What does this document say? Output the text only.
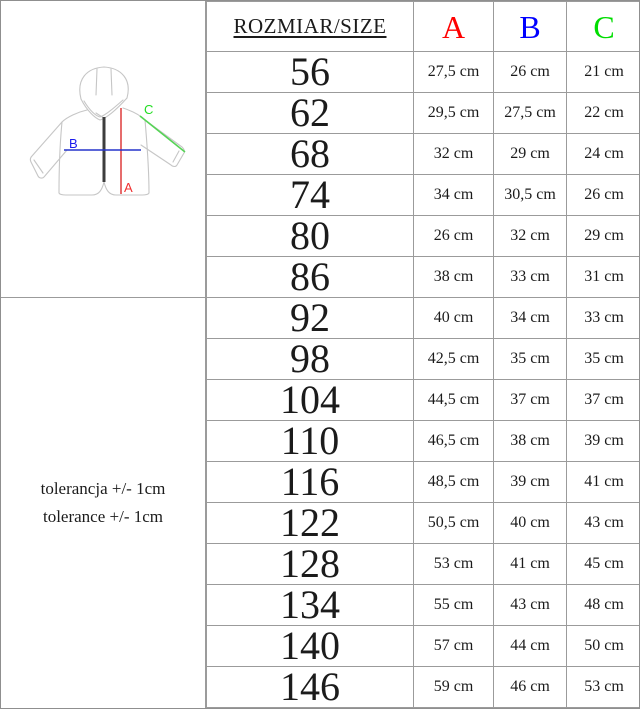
A
B
C
tolerancja +/- 1cm
tolerance +/- 1cm
ROZMIAR/SIZE	A	B	C
56	27,5 cm	26 cm	21 cm
62	29,5 cm	27,5 cm	22 cm
68	32 cm	29 cm	24 cm
74	34 cm	30,5 cm	26 cm
80	26 cm	32 cm	29 cm
86	38 cm	33 cm	31 cm
92	40 cm	34 cm	33 cm
98	42,5 cm	35 cm	35 cm
104	44,5 cm	37 cm	37 cm
110	46,5 cm	38 cm	39 cm
116	48,5 cm	39 cm	41 cm
122	50,5 cm	40 cm	43 cm
128	53 cm	41 cm	45 cm
134	55 cm	43 cm	48 cm
140	57 cm	44 cm	50 cm
146	59 cm	46 cm	53 cm
